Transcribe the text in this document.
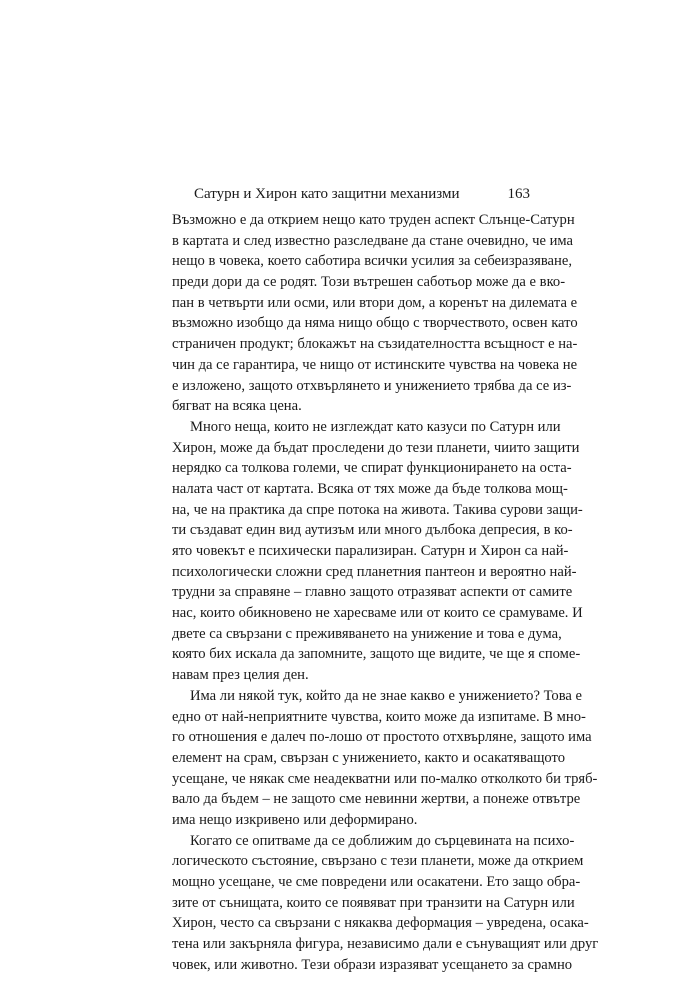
Сатурн и Хирон като защитни механизми	163
Възможно е да открием нещо като труден аспект Слънце-Сатурн
в картата и след известно разследване да стане очевидно, че има
нещо в човека, което саботира всички усилия за себеизразяване,
преди дори да се родят. Този вътрешен саботьор може да е вко-
пан в четвърти или осми, или втори дом, а коренът на дилемата е
възможно изобщо да няма нищо общо с творчеството, освен като
страничен продукт; блокажът на съзидателността всъщност е на-
чин да се гарантира, че нищо от истинските чувства на човека не
е изложено, защото отхвърлянето и унижението трябва да се из-
бягват на всяка цена.
Много неща, които не изглеждат като казуси по Сатурн или
Хирон, може да бъдат проследени до тези планети, чиито защити
нерядко са толкова големи, че спират функционирането на оста-
налата част от картата. Всяка от тях може да бъде толкова мощ-
на, че на практика да спре потока на живота. Такива сурови защи-
ти създават един вид аутизъм или много дълбока депресия, в ко-
ято човекът е психически парализиран. Сатурн и Хирон са най-
психологически сложни сред планетния пантеон и вероятно най-
трудни за справяне – главно защото отразяват аспекти от самите
нас, които обикновено не харесваме или от които се срамуваме. И
двете са свързани с преживяването на унижение и това е дума,
която бих искала да запомните, защото ще видите, че ще я споме-
навам през целия ден.
Има ли някой тук, който да не знае какво е унижението? Това е
едно от най-неприятните чувства, които може да изпитаме. В мно-
го отношения е далеч по-лошо от простото отхвърляне, защото има
елемент на срам, свързан с унижението, както и осакатяващото
усещане, че някак сме неадекватни или по-малко отколкото би тряб-
вало да бъдем – не защото сме невинни жертви, а понеже отвътре
има нещо изкривено или деформирано.
Когато се опитваме да се доближим до сърцевината на психо-
логическото състояние, свързано с тези планети, може да открием
мощно усещане, че сме повредени или осакатени. Ето защо обра-
зите от сънищата, които се появяват при транзити на Сатурн или
Хирон, често са свързани с някаква деформация – увредена, осака-
тена или закърняла фигура, независимо дали е сънуващият или друг
човек, или животно. Тези образи изразяват усещането за срамно
